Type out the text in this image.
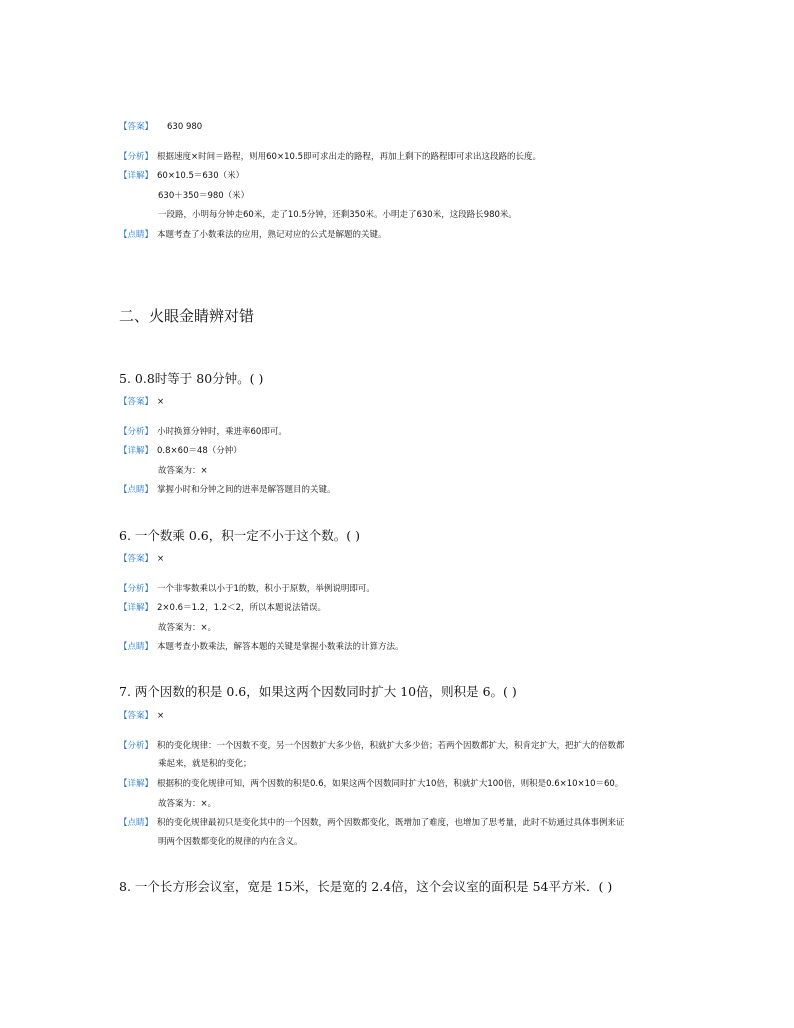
【答案】 630 980
【分析】 根据速度×时间＝路程，则用60×10.5即可求出走的路程，再加上剩下的路程即可求出这段路的长度。
【详解】 60×10.5＝630（米）
630＋350＝980（米）
一段路，小明每分钟走60米，走了10.5分钟，还剩350米。小明走了630米，这段路长980米。
【点睛】 本题考查了小数乘法的应用，熟记对应的公式是解题的关键。
二、火眼金睛辨对错
5. 0.8时等于 80分钟。( )
【答案】 ×
【分析】 小时换算分钟时，乘进率60即可。
【详解】 0.8×60＝48（分钟）
故答案为：×
【点睛】 掌握小时和分钟之间的进率是解答题目的关键。
6. 一个数乘 0.6，积一定不小于这个数。( )
【答案】 ×
【分析】 一个非零数乘以小于1的数，积小于原数，举例说明即可。
【详解】 2×0.6＝1.2，1.2＜2，所以本题说法错误。
故答案为：×。
【点睛】 本题考查小数乘法，解答本题的关键是掌握小数乘法的计算方法。
7. 两个因数的积是 0.6，如果这两个因数同时扩大 10倍，则积是 6。( )
【答案】 ×
【分析】 积的变化规律：一个因数不变，另一个因数扩大多少倍，积就扩大多少倍；若两个因数都扩大，积肯定扩大，把扩大的倍数都
乘起来，就是积的变化；
【详解】 根据积的变化规律可知，两个因数的积是0.6，如果这两个因数同时扩大10倍，积就扩大100倍，则积是0.6×10×10＝60。
故答案为：×。
【点睛】 积的变化规律最初只是变化其中的一个因数，两个因数都变化，既增加了难度，也增加了思考量，此时不妨通过具体事例来证
明两个因数都变化的规律的内在含义。
8. 一个长方形会议室，宽是 15米，长是宽的 2.4倍，这个会议室的面积是 54平方米．( )
